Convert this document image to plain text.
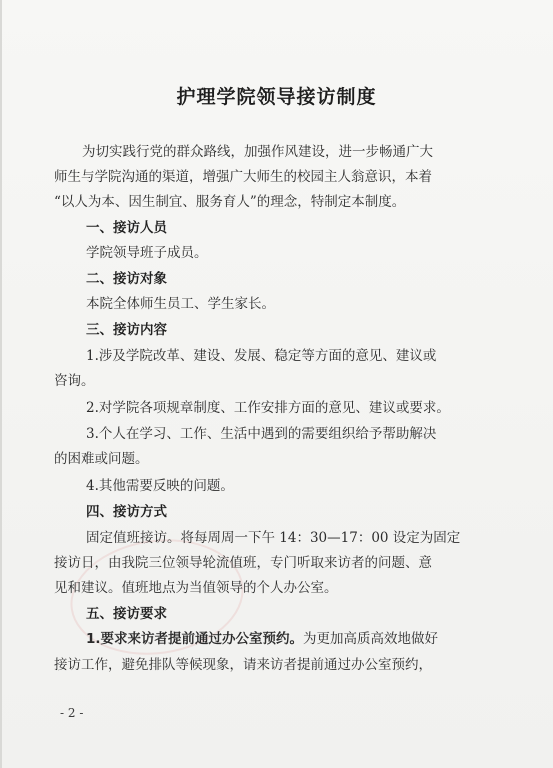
护理学院领导接访制度
为切实践行党的群众路线，加强作风建设，进一步畅通广大
师生与学院沟通的渠道，增强广大师生的校园主人翁意识，本着
“以人为本、因生制宜、服务育人”的理念，特制定本制度。
一、接访人员
学院领导班子成员。
二、接访对象
本院全体师生员工、学生家长。
三、接访内容
1.涉及学院改革、建设、发展、稳定等方面的意见、建议或
咨询。
2.对学院各项规章制度、工作安排方面的意见、建议或要求。
3.个人在学习、工作、生活中遇到的需要组织给予帮助解决
的困难或问题。
4.其他需要反映的问题。
四、接访方式
固定值班接访。将每周周一下午 14：30—17：00 设定为固定
接访日，由我院三位领导轮流值班，专门听取来访者的问题、意
见和建议。值班地点为当值领导的个人办公室。
五、接访要求
1.要求来访者提前通过办公室预约。为更加高质高效地做好
接访工作，避免排队等候现象，请来访者提前通过办公室预约，
- 2 -
